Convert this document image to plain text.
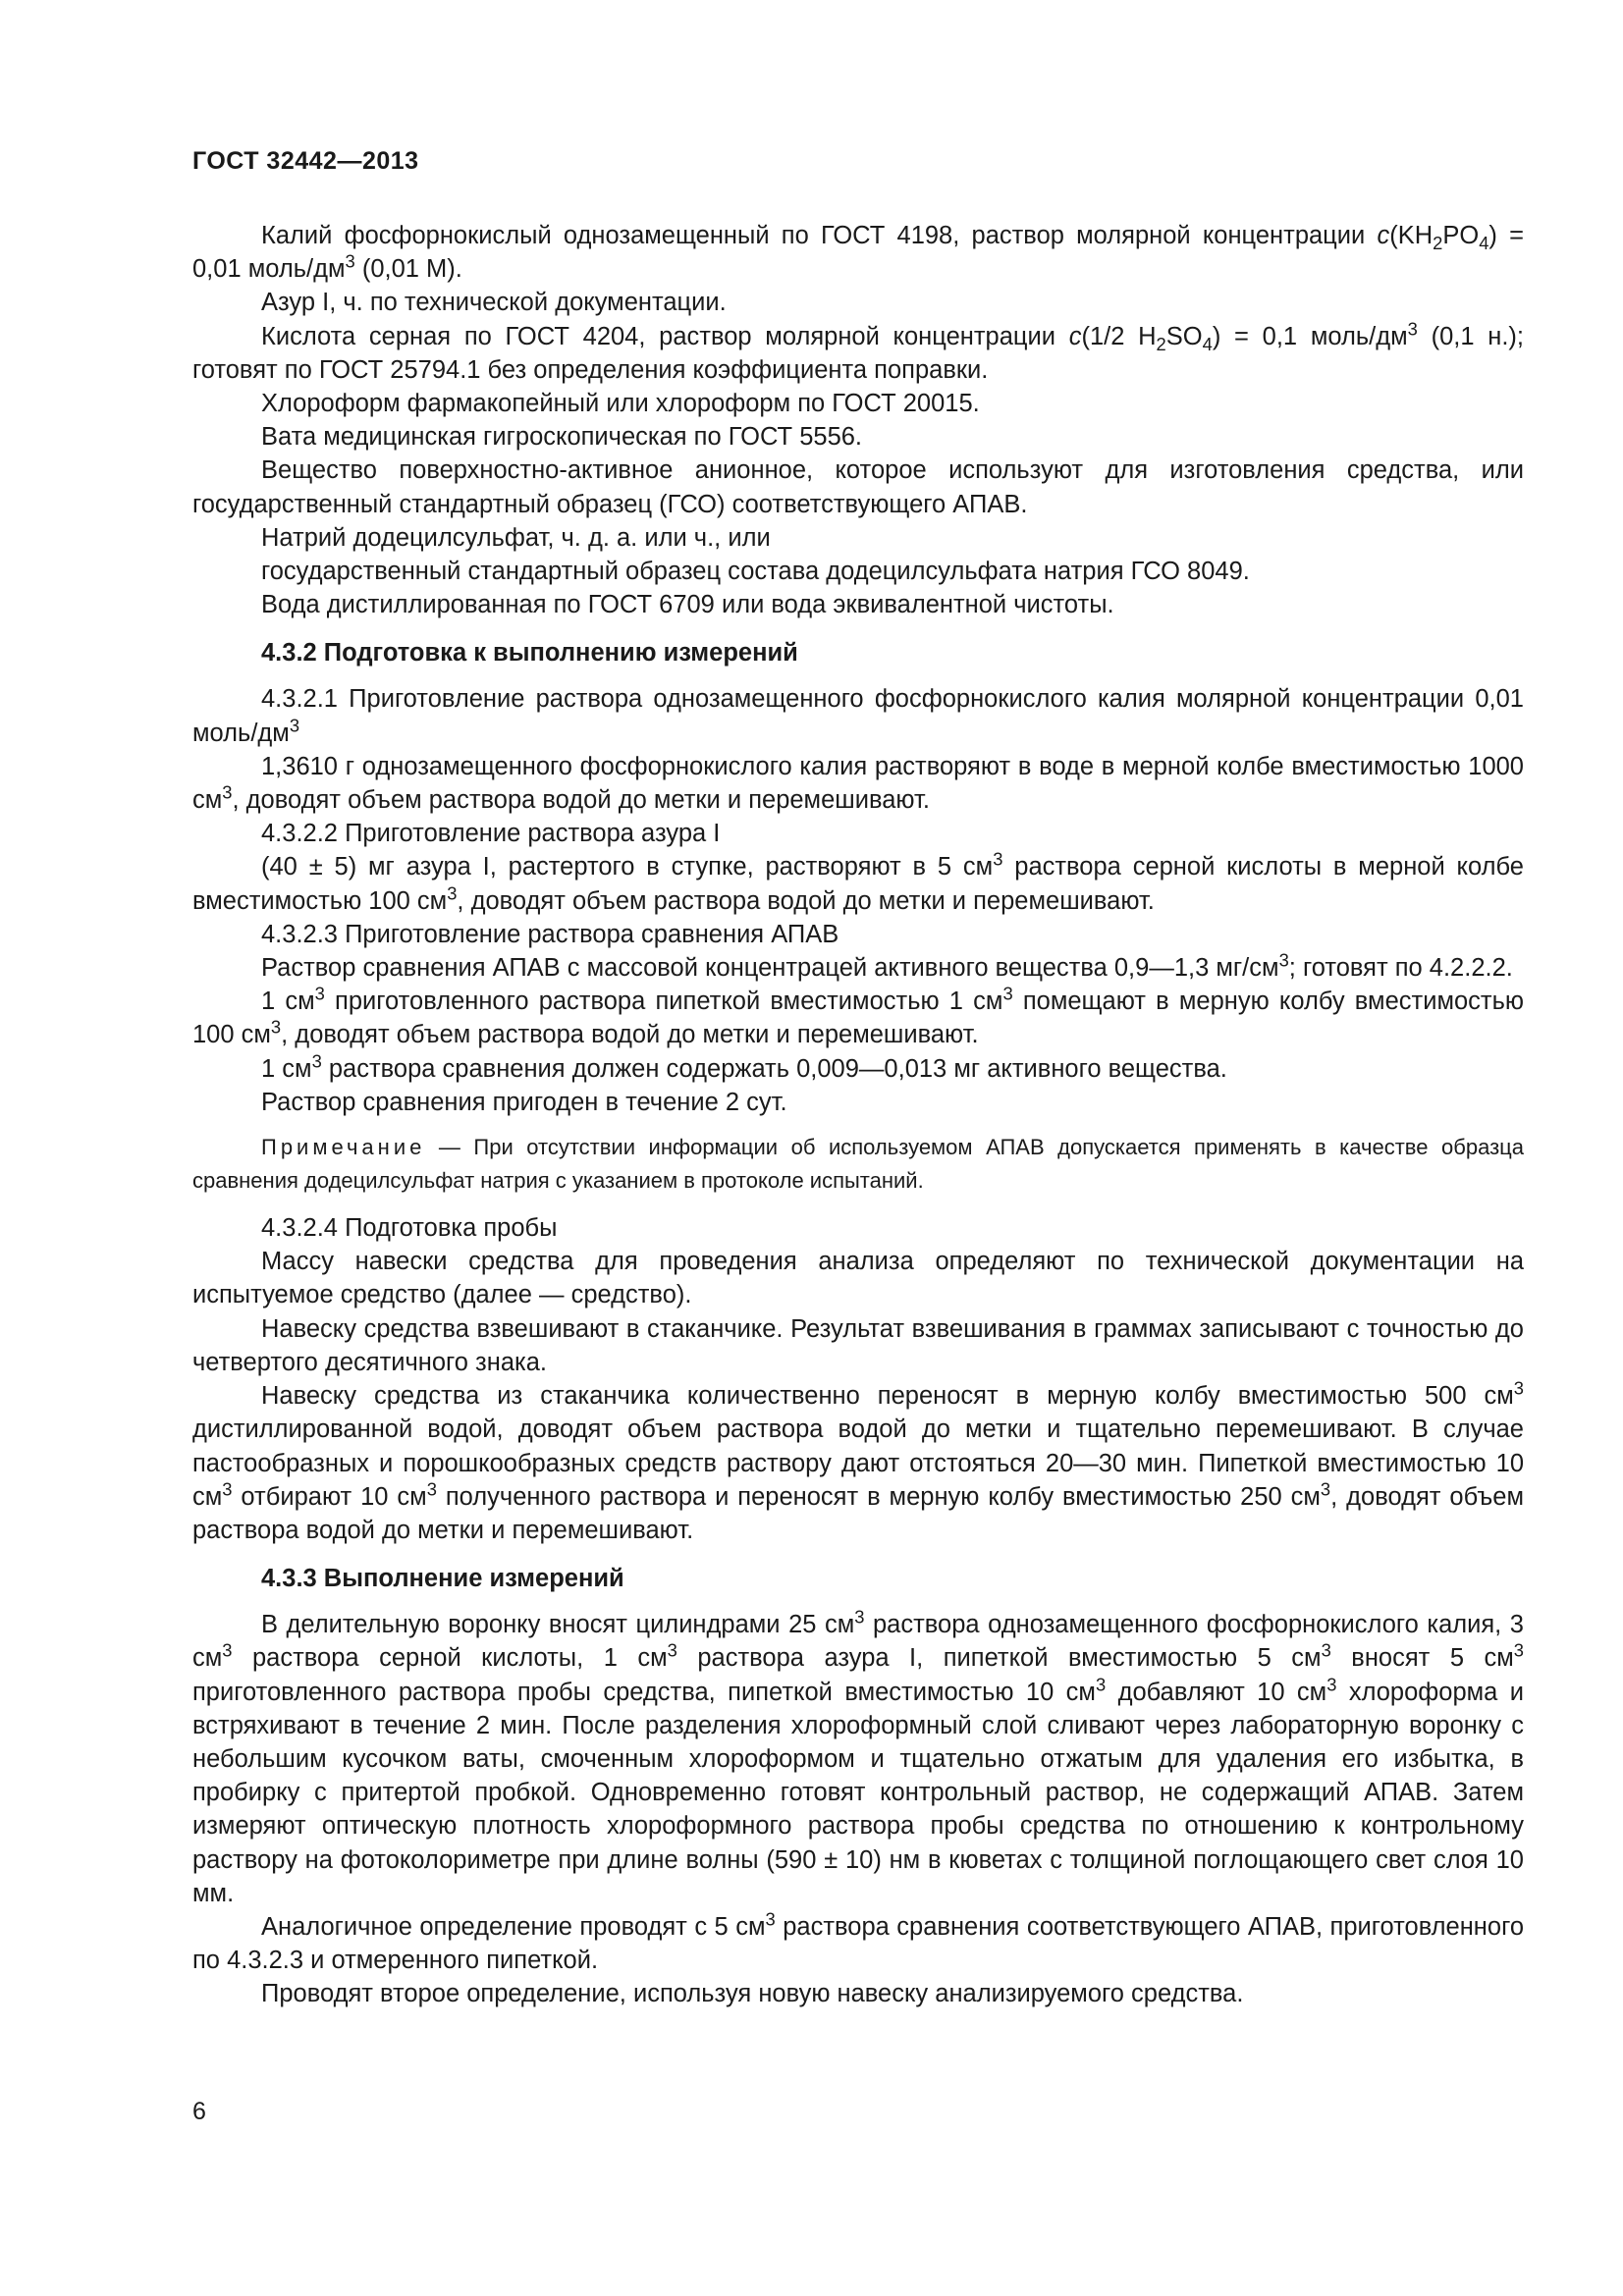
ГОСТ 32442—2013

Калий фосфорнокислый однозамещенный по ГОСТ 4198, раствор молярной концентрации $c(KH_2PO_4) = 0,01$ моль/$дм^3$ (0,01 М).

Азур I, ч. по технической документации.

Кислота серная по ГОСТ 4204, раствор молярной концентрации c(1/2 $H_2SO_4) = 0,1$ моль/$дм^3$ (0,1 н.); готовят по ГОСТ 25794.1 без определения коэффициента поправки.

Хлороформ фармакопейный или хлороформ по ГОСТ 20015.

Вата медицинская гигроскопическая по ГОСТ 5556.

Вещество поверхностно-активное анионное, которое используют для изготовления средства, или государственный стандартный образец (ГСО) соответствующего АПАВ.

Натрий додецилсульфат, ч. д. а. или ч., или

государственный стандартный образец состава додецилсульфата натрия ГСО 8049.

Вода дистиллированная по ГОСТ 6709 или вода эквивалентной чистоты.

4.3.2 Подготовка к выполнению измерений

4.3.2.1 Приготовление раствора однозамещенного фосфорнокислого калия молярной концентрации 0,01 моль/$дм^3$

1,3610 г однозамещенного фосфорнокислого калия растворяют в воде в мерной колбе вместимостью 1000 $см^3$, доводят объем раствора водой до метки и перемешивают.

4.3.2.2 Приготовление раствора азура I

(40 ± 5) мг азура I, растертого в ступке, растворяют в 5 $см^3$ раствора серной кислоты в мерной колбе вместимостью 100 $см^3$, доводят объем раствора водой до метки и перемешивают.

4.3.2.3 Приготовление раствора сравнения АПАВ

Раствор сравнения АПАВ с массовой концентрацей активного вещества 0,9—1,3 $мг/см^3$; готовят по 4.2.2.2.

1 $см^3$ приготовленного раствора пипеткой вместимостью 1 $см^3$ помещают в мерную колбу вместимостью 100 $см^3$, доводят объем раствора водой до метки и перемешивают.

1 $см^3$ раствора сравнения должен содержать 0,009—0,013 мг активного вещества.

Раствор сравнения пригоден в течение 2 сут.

Примечание — При отсутствии информации об используемом АПАВ допускается применять в качестве образца сравнения додецилсульфат натрия с указанием в протоколе испытаний.

4.3.2.4 Подготовка пробы

Массу навески средства для проведения анализа определяют по технической документации на испытуемое средство (далее — средство).

Навеску средства взвешивают в стаканчике. Результат взвешивания в граммах записывают с точностью до четвертого десятичного знака.

Навеску средства из стаканчика количественно переносят в мерную колбу вместимостью 500 $см^3$ дистиллированной водой, доводят объем раствора водой до метки и тщательно перемешивают. В случае пастообразных и порошкообразных средств раствору дают отстояться 20—30 мин. Пипеткой вместимостью 10 $см^3$ отбирают 10 $см^3$ полученного раствора и переносят в мерную колбу вместимостью 250 $см^3$, доводят объем раствора водой до метки и перемешивают.

4.3.3 Выполнение измерений

В делительную воронку вносят цилиндрами 25 $см^3$ раствора однозамещенного фосфорнокислого калия, 3 $см^3$ раствора серной кислоты, 1 $см^3$ раствора азура I, пипеткой вместимостью 5 $см^3$ вносят 5 $см^3$ приготовленного раствора пробы средства, пипеткой вместимостью 10 $см^3$ добавляют 10 $см^3$ хлороформа и встряхивают в течение 2 мин. После разделения хлороформный слой сливают через лабораторную воронку с небольшим кусочком ваты, смоченным хлороформом и тщательно отжатым для удаления его избытка, в пробирку с притертой пробкой. Одновременно готовят контрольный раствор, не содержащий АПАВ. Затем измеряют оптическую плотность хлороформного раствора пробы средства по отношению к контрольному раствору на фотоколориметре при длине волны (590 ± 10) нм в кюветах с толщиной поглощающего свет слоя 10 мм.

Аналогичное определение проводят с 5 $см^3$ раствора сравнения соответствующего АПАВ, приготовленного по 4.3.2.3 и отмеренного пипеткой.

Проводят второе определение, используя новую навеску анализируемого средства.

6
